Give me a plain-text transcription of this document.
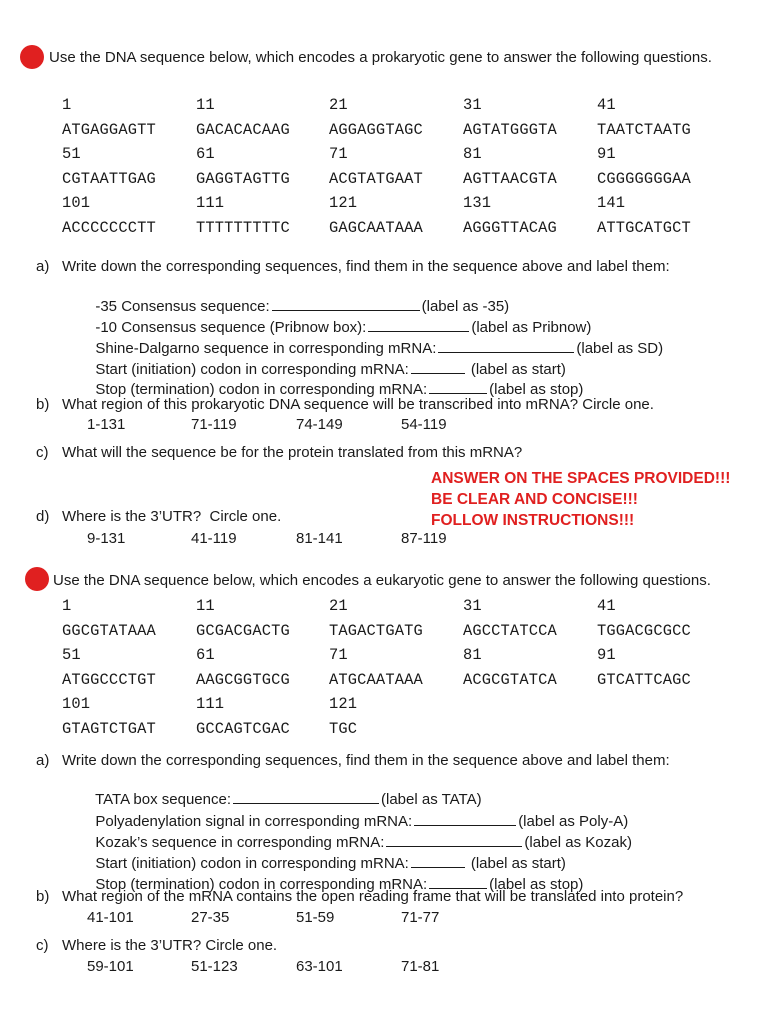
Use the DNA sequence below, which encodes a prokaryotic gene to answer the following questions.
1	11	21	31	41
ATGAGGAGTT	GACACACAAG	AGGAGGTAGC	AGTATGGGTA	TAATCTAATG
51	61	71	81	91
CGTAATTGAG	GAGGTAGTTG	ACGTATGAAT	AGTTAACGTA	CGGGGGGGAA
101	111	121	131	141
ACCCCCCCTT	TTTTTTTTTC	GAGCAATAAA	AGGGTTACAG	ATTGCATGCT
a) Write down the corresponding sequences, find them in the sequence above and label them:

-35 Consensus sequence:	(label as -35)

-10 Consensus sequence (Pribnow box):	(label as Pribnow)

Shine-Dalgarno sequence in corresponding mRNA:	(label as SD)

Start (initiation) codon in corresponding mRNA:	(label as start)

Stop (termination) codon in corresponding mRNA:	(label as stop)

b) What region of this prokaryotic DNA sequence will be transcribed into mRNA? Circle one.
1-131	71-119	74-149	54-119
c) What will the sequence be for the protein translated from this mRNA?
ANSWER ON THE SPACES PROVIDED!!!
BE CLEAR AND CONCISE!!!
FOLLOW INSTRUCTIONS!!!
d) Where is the 3’UTR?  Circle one.
9-131	41-119	81-141	87-119
Use the DNA sequence below, which encodes a eukaryotic gene to answer the following questions.
1	11	21	31	41
GGCGTATAAA	GCGACGACTG	TAGACTGATG	AGCCTATCCA	TGGACGCGCC
51	61	71	81	91
ATGGCCCTGT	AAGCGGTGCG	ATGCAATAAA	ACGCGTATCA	GTCATTCAGC
101	111	121
GTAGTCTGAT	GCCAGTCGAC	TGC
a) Write down the corresponding sequences, find them in the sequence above and label them:

TATA box sequence:	(label as TATA)

Polyadenylation signal in corresponding mRNA:	(label as Poly-A)

Kozak’s sequence in corresponding mRNA:	(label as Kozak)

Start (initiation) codon in corresponding mRNA:	(label as start)

Stop (termination) codon in corresponding mRNA:	(label as stop)

b) What region of the mRNA contains the open reading frame that will be translated into protein?
41-101	27-35	51-59	71-77
c) Where is the 3’UTR? Circle one.
59-101	51-123	63-101	71-81
